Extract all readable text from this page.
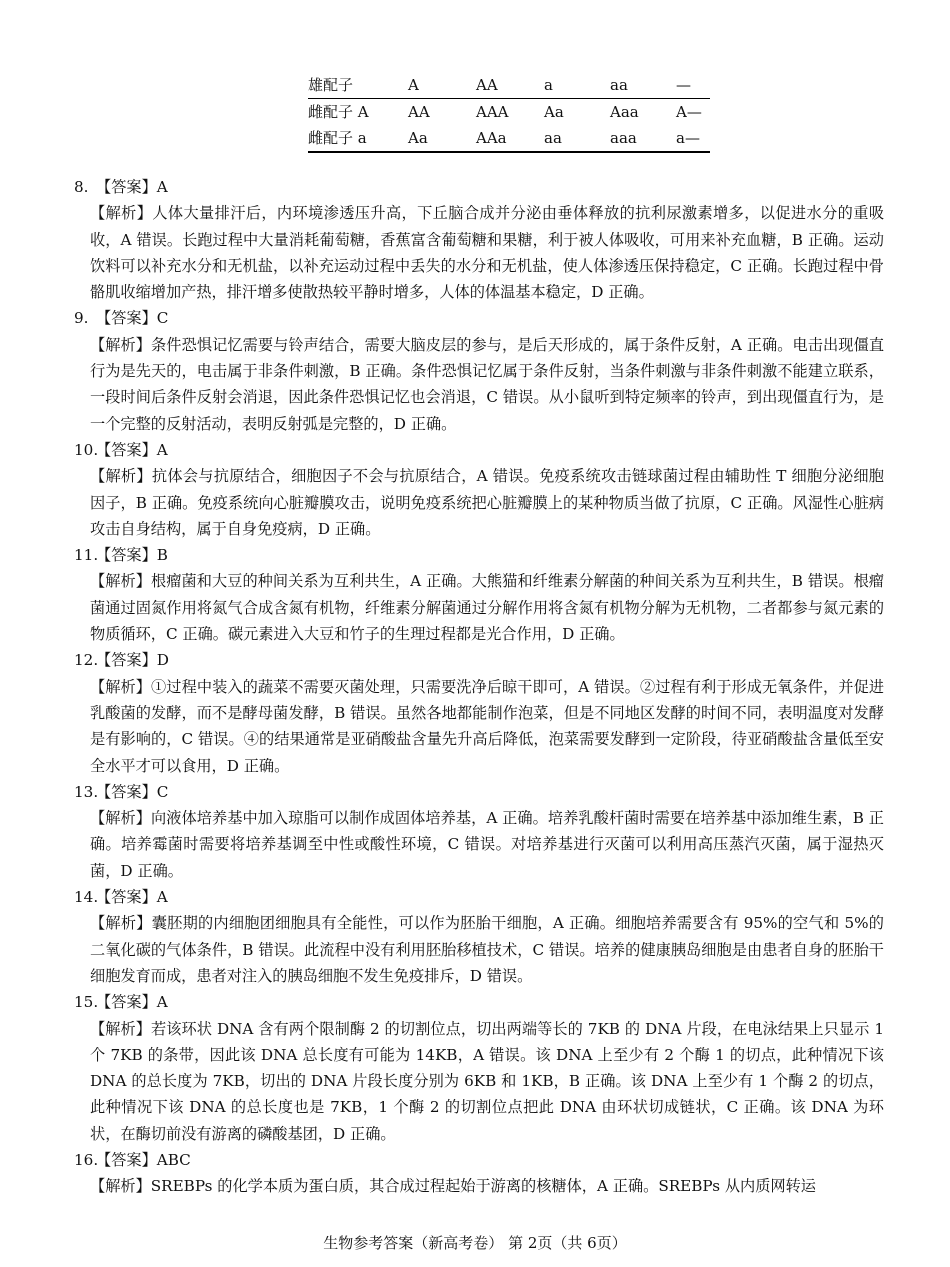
雄配子	A	AA	a	aa	—
雌配子 A	AA	AAA	Aa	Aaa	A—
雌配子 a	Aa	AAa	aa	aaa	a—
8. 【答案】A
【解析】人体大量排汗后，内环境渗透压升高，下丘脑合成并分泌由垂体释放的抗利尿激素增多，以促进水分的重吸收，A 错误。长跑过程中大量消耗葡萄糖，香蕉富含葡萄糖和果糖，利于被人体吸收，可用来补充血糖，B 正确。运动饮料可以补充水分和无机盐，以补充运动过程中丢失的水分和无机盐，使人体渗透压保持稳定，C 正确。长跑过程中骨骼肌收缩增加产热，排汗增多使散热较平静时增多，人体的体温基本稳定，D 正确。
9. 【答案】C
【解析】条件恐惧记忆需要与铃声结合，需要大脑皮层的参与，是后天形成的，属于条件反射，A 正确。电击出现僵直行为是先天的，电击属于非条件刺激，B 正确。条件恐惧记忆属于条件反射，当条件刺激与非条件刺激不能建立联系，一段时间后条件反射会消退，因此条件恐惧记忆也会消退，C 错误。从小鼠听到特定频率的铃声，到出现僵直行为，是一个完整的反射活动，表明反射弧是完整的，D 正确。
10.【答案】A
【解析】抗体会与抗原结合，细胞因子不会与抗原结合，A 错误。免疫系统攻击链球菌过程由辅助性 T 细胞分泌细胞因子，B 正确。免疫系统向心脏瓣膜攻击，说明免疫系统把心脏瓣膜上的某种物质当做了抗原，C 正确。风湿性心脏病攻击自身结构，属于自身免疫病，D 正确。
11.【答案】B
【解析】根瘤菌和大豆的种间关系为互利共生，A 正确。大熊猫和纤维素分解菌的种间关系为互利共生，B 错误。根瘤菌通过固氮作用将氮气合成含氮有机物，纤维素分解菌通过分解作用将含氮有机物分解为无机物，二者都参与氮元素的物质循环，C 正确。碳元素进入大豆和竹子的生理过程都是光合作用，D 正确。
12.【答案】D
【解析】①过程中装入的蔬菜不需要灭菌处理，只需要洗净后晾干即可，A 错误。②过程有利于形成无氧条件，并促进乳酸菌的发酵，而不是酵母菌发酵，B 错误。虽然各地都能制作泡菜，但是不同地区发酵的时间不同，表明温度对发酵是有影响的，C 错误。④的结果通常是亚硝酸盐含量先升高后降低，泡菜需要发酵到一定阶段，待亚硝酸盐含量低至安全水平才可以食用，D 正确。
13.【答案】C
【解析】向液体培养基中加入琼脂可以制作成固体培养基，A 正确。培养乳酸杆菌时需要在培养基中添加维生素，B 正确。培养霉菌时需要将培养基调至中性或酸性环境，C 错误。对培养基进行灭菌可以利用高压蒸汽灭菌，属于湿热灭菌，D 正确。
14.【答案】A
【解析】囊胚期的内细胞团细胞具有全能性，可以作为胚胎干细胞，A 正确。细胞培养需要含有 95%的空气和 5%的二氧化碳的气体条件，B 错误。此流程中没有利用胚胎移植技术，C 错误。培养的健康胰岛细胞是由患者自身的胚胎干细胞发育而成，患者对注入的胰岛细胞不发生免疫排斥，D 错误。
15.【答案】A
【解析】若该环状 DNA 含有两个限制酶 2 的切割位点，切出两端等长的 7KB 的 DNA 片段，在电泳结果上只显示 1 个 7KB 的条带，因此该 DNA 总长度有可能为 14KB，A 错误。该 DNA 上至少有 2 个酶 1 的切点，此种情况下该 DNA 的总长度为 7KB，切出的 DNA 片段长度分别为 6KB 和 1KB，B 正确。该 DNA 上至少有 1 个酶 2 的切点，此种情况下该 DNA 的总长度也是 7KB，1 个酶 2 的切割位点把此 DNA 由环状切成链状，C 正确。该 DNA 为环状，在酶切前没有游离的磷酸基团，D 正确。
16.【答案】ABC
【解析】SREBPs 的化学本质为蛋白质，其合成过程起始于游离的核糖体，A 正确。SREBPs 从内质网转运
生物参考答案（新高考卷） 第 2页（共 6页）
